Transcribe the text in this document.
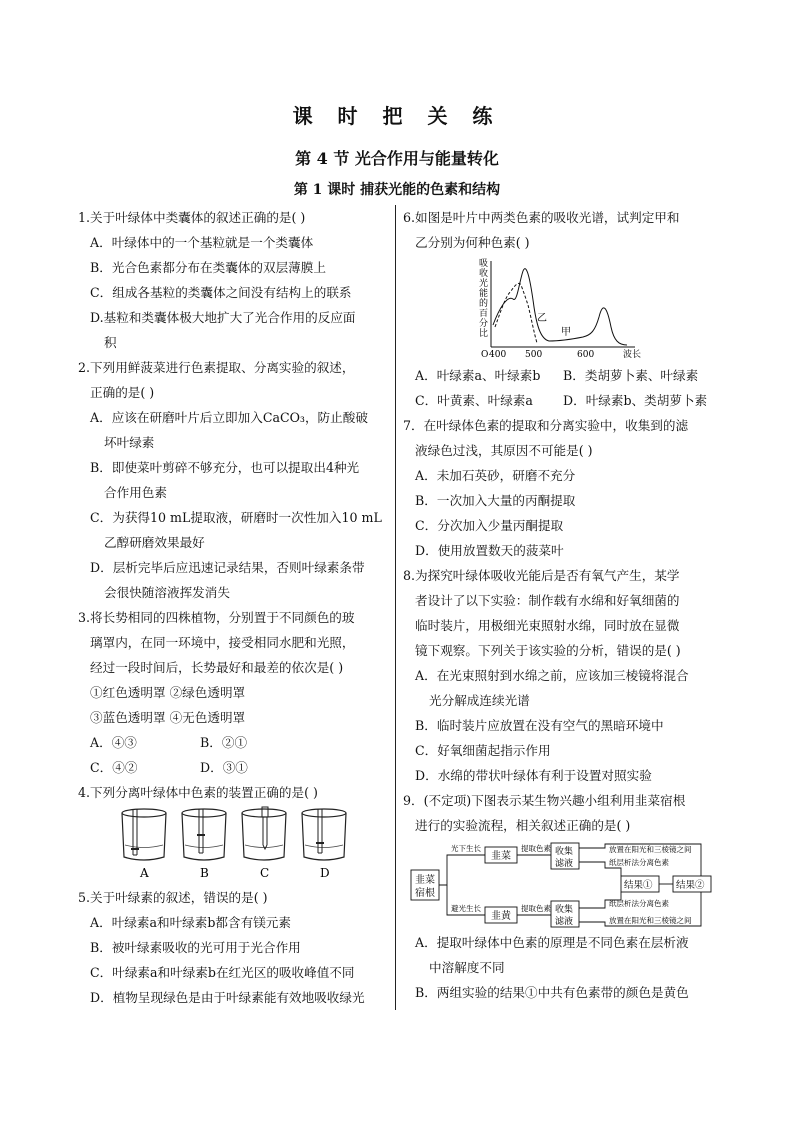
课 时 把 关 练
第 4 节 光合作用与能量转化
第 1 课时 捕获光能的色素和结构
1.关于叶绿体中类囊体的叙述正确的是( )
A．叶绿体中的一个基粒就是一个类囊体
B．光合色素都分布在类囊体的双层薄膜上
C．组成各基粒的类囊体之间没有结构上的联系
D.基粒和类囊体极大地扩大了光合作用的反应面
积
2.下列用鲜菠菜进行色素提取、分离实验的叙述，
正确的是( )
A．应该在研磨叶片后立即加入CaCO₃，防止酸破
坏叶绿素
B．即使菜叶剪碎不够充分，也可以提取出4种光
合作用色素
C．为获得10 mL提取液，研磨时一次性加入10 mL
乙醇研磨效果最好
D．层析完毕后应迅速记录结果，否则叶绿素条带
会很快随溶液挥发消失
3.将长势相同的四株植物，分别置于不同颜色的玻
璃罩内，在同一环境中，接受相同水肥和光照，
经过一段时间后，长势最好和最差的依次是( )
①红色透明罩 ②绿色透明罩
③蓝色透明罩 ④无色透明罩
A．④③	B．②①
C．④②	D．③①
4.下列分离叶绿体中色素的装置正确的是( )
A	B	C	D
5.关于叶绿素的叙述，错误的是( )
A．叶绿素a和叶绿素b都含有镁元素
B．被叶绿素吸收的光可用于光合作用
C．叶绿素a和叶绿素b在红光区的吸收峰值不同
D．植物呈现绿色是由于叶绿素能有效地吸收绿光
6.如图是叶片中两类色素的吸收光谱，试判定甲和
乙分别为何种色素( )
吸
收
光
能
的
百
分
比
乙
甲
O 400 500	600	波长
A．叶绿素a、叶绿素b	B．类胡萝卜素、叶绿素
C．叶黄素、叶绿素a	D．叶绿素b、类胡萝卜素
7．在叶绿体色素的提取和分离实验中，收集到的滤
液绿色过浅，其原因不可能是( )
A．未加石英砂，研磨不充分
B．一次加入大量的丙酮提取
C．分次加入少量丙酮提取
D．使用放置数天的菠菜叶
8.为探究叶绿体吸收光能后是否有氧气产生，某学
者设计了以下实验：制作载有水绵和好氧细菌的
临时装片，用极细光束照射水绵，同时放在显微
镜下观察。下列关于该实验的分析，错误的是( )
A．在光束照射到水绵之前，应该加三棱镜将混合
光分解成连续光谱
B．临时装片应放置在没有空气的黑暗环境中
C．好氧细菌起指示作用
D．水绵的带状叶绿体有利于设置对照实验
9．(不定项)下图表示某生物兴趣小组利用韭菜宿根
进行的实验流程，相关叙述正确的是( )
韭菜
宿根
光下生长
避光生长
韭菜
韭黄
提取色素
提取色素
收集
滤液
收集
滤液
放置在阳光和三棱镜之间
纸层析法分离色素
纸层析法分离色素
放置在阳光和三棱镜之间
结果① 结果②
A．提取叶绿体中色素的原理是不同色素在层析液
中溶解度不同
B．两组实验的结果①中共有色素带的颜色是黄色
